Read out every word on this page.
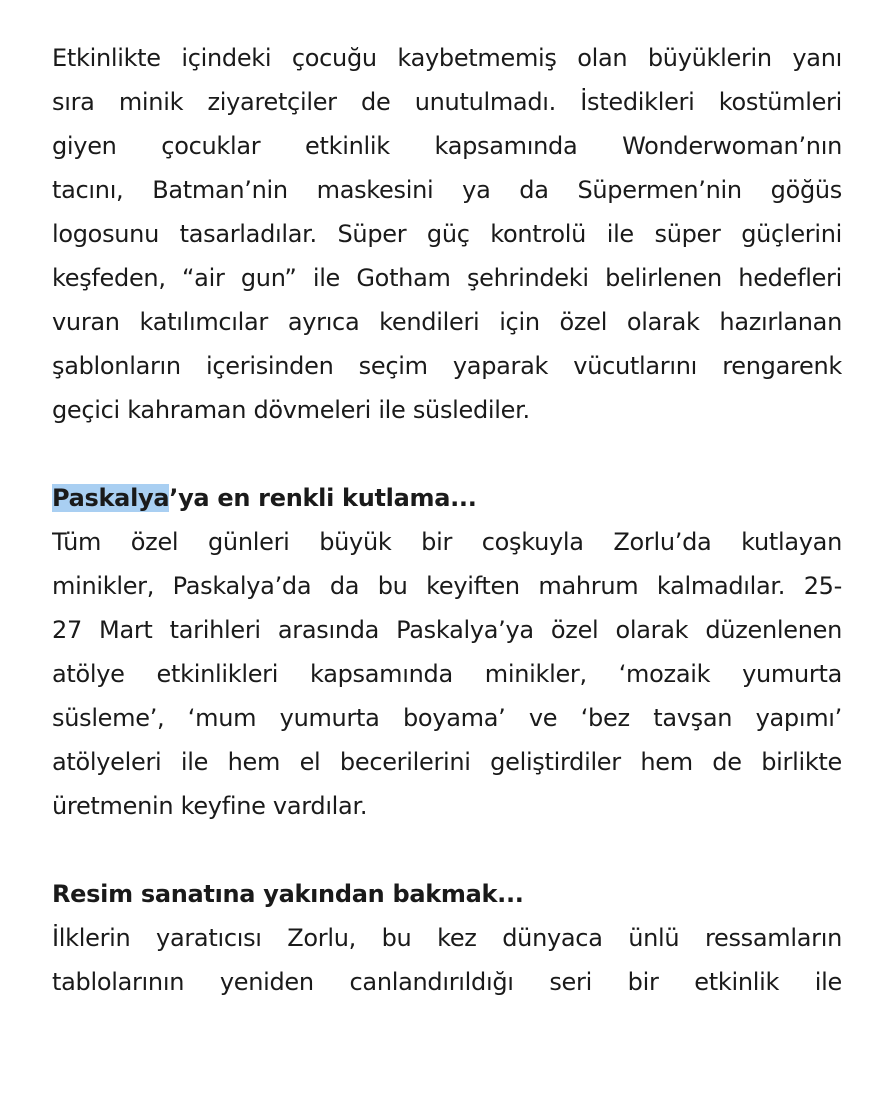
Etkinlikte içindeki çocuğu kaybetmemiş olan büyüklerin yanı
sıra minik ziyaretçiler de unutulmadı. İstedikleri kostümleri
giyen çocuklar etkinlik kapsamında Wonderwoman’nın
tacını, Batman’nin maskesini ya da Süpermen’nin göğüs
logosunu tasarladılar. Süper güç kontrolü ile süper güçlerini
keşfeden, “air gun” ile Gotham şehrindeki belirlenen hedefleri
vuran katılımcılar ayrıca kendileri için özel olarak hazırlanan
şablonların içerisinden seçim yaparak vücutlarını rengarenk
geçici kahraman dövmeleri ile süslediler.
Paskalya’ya en renkli kutlama...
Tüm özel günleri büyük bir coşkuyla Zorlu’da kutlayan
minikler, Paskalya’da da bu keyiften mahrum kalmadılar. 25-
27 Mart tarihleri arasında Paskalya’ya özel olarak düzenlenen
atölye etkinlikleri kapsamında minikler, ‘mozaik yumurta
süsleme’, ‘mum yumurta boyama’ ve ‘bez tavşan yapımı’
atölyeleri ile hem el becerilerini geliştirdiler hem de birlikte
üretmenin keyfine vardılar.
Resim sanatına yakından bakmak...
İlklerin yaratıcısı Zorlu, bu kez dünyaca ünlü ressamların
tablolarının yeniden canlandırıldığı seri bir etkinlik ile
